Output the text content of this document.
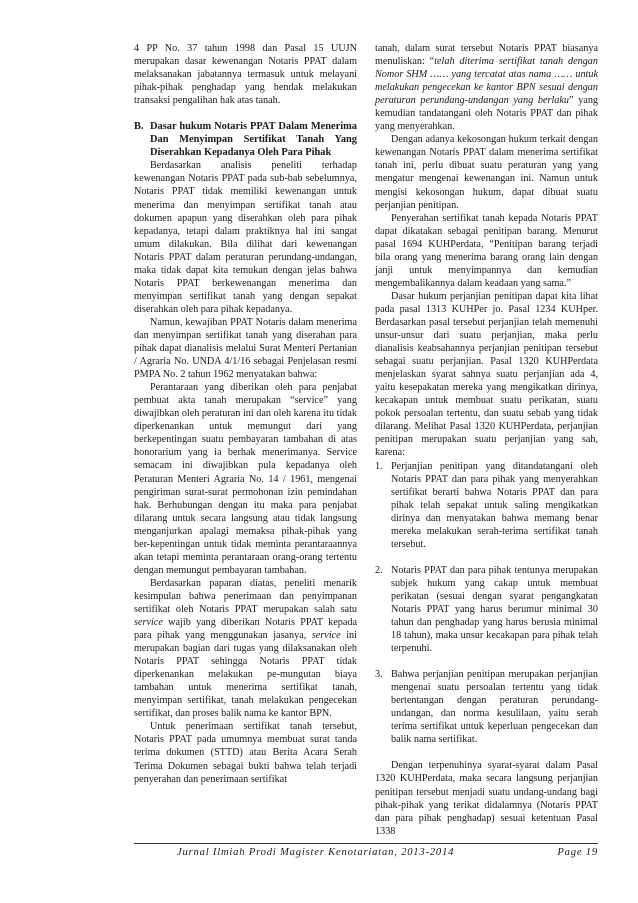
4 PP No. 37 tahun 1998 dan Pasal 15 UUJN merupakan dasar kewenangan Notaris PPAT dalam melaksanakan jabatannya termasuk untuk melayani pihak-pihak penghadap yang hendak melakukan transaksi pengalihan hak atas tanah.

B. Dasar hukum Notaris PPAT Dalam Menerima Dan Menyimpan Sertifikat Tanah Yang Diserahkan Kepadanya Oleh Para Pihak

Berdasarkan analisis peneliti terhadap kewenangan Notaris PPAT pada sub-bab sebelumnya, Notaris PPAT tidak memiliki kewenangan untuk menerima dan menyimpan sertifikat tanah atau dokumen apapun yang diserahkan oleh para pihak kepadanya, tetapi dalam praktiknya hal ini sangat umum dilakukan. Bila dilihat dari kewenangan Notaris PPAT dalam peraturan perundang-undangan, maka tidak dapat kita temukan dengan jelas bahwa Notaris PPAT berkewenangan menerima dan menyimpan sertifikat tanah yang dengan sepakat diserahkan oleh para pihak kepadanya.

Namun, kewajiban PPAT Notaris dalam menerima dan menyimpan sertifikat tanah yang diserahan para pihak dapat dianalisis melalui Surat Menteri Pertanian / Agraria No. UNDA 4/1/16 sebagai Penjelasan resmi PMPA No. 2 tahun 1962 menyatakan bahwa:

Perantaraan yang diberikan oleh para penjabat pembuat akta tanah merupakan “service” yang diwajibkan oleh peraturan ini dan oleh karena itu tidak diperkenankan untuk memungut dari yang berkepentingan suatu pembayaran tambahan di atas honorarium yang ia berhak menerimanya. Service semacam ini diwajibkan pula kepadanya oleh Peraturan Menteri Agraria No. 14 / 1961, mengenai pengiriman surat-surat permohonan izin pemindahan hak. Berhubungan dengan itu maka para penjabat dilarang untuk secara langsung atau tidak langsung menganjurkan apalagi memaksa pihak-pihak yang ber-kepentingan untuk tidak meminta perantaraannya akan tetapi meminta perantaraan orang-orang tertentu dengan memungut pembayaran tambahan.

Berdasarkan paparan diatas, peneliti menarik kesimpulan bahwa penerimaan dan penyimpanan sertifikat oleh Notaris PPAT merupakan salah satu service wajib yang diberikan Notaris PPAT kepada para pihak yang menggunakan jasanya, service ini merupakan bagian dari tugas yang dilaksanakan oleh Notaris PPAT sehingga Notaris PPAT tidak diperkenankan melakukan pe-mungutan biaya tambahan untuk menerima sertifikat tanah, menyimpan sertifikat, tanah melakukan pengecekan sertifikat, dan proses balik nama ke kantor BPN.

Untuk penerimaan sertifikat tanah tersebut, Notaris PPAT pada umumnya membuat surat tanda terima dokumen (STTD) atau Berita Acara Serah Terima Dokumen sebagai bukti bahwa telah terjadi penyerahan dan penerimaan sertifikat

tanah, dalam surat tersebut Notaris PPAT biasanya menuliskan: “telah diterima sertifikat tanah dengan Nomor SHM …… yang tercatat atas nama …… untuk melakukan pengecekan ke kantor BPN sesuai dengan peraturan perundang-undangan yang berlaku” yang kemudian tandatangani oleh Notaris PPAT dan pihak yang menyerahkan.

Dengan adanya kekosongan hukum terkait dengan kewenangan Notaris PPAT dalam menerima sertifikat tanah ini, perlu dibuat suatu peraturan yang yang mengatur mengenai kewenangan ini. Namun untuk mengisi kekosongan hukum, dapat dibuat suatu perjanjian penitipan.

Penyerahan sertifikat tanah kepada Notaris PPAT dapat dikatakan sebagai penitipan barang. Menurut pasal 1694 KUHPerdata, “Penitipan barang terjadi bila orang yang menerima barang orang lain dengan janji untuk menyimpannya dan kemudian mengembalikannya dalam keadaan yang sama.”

Dasar hukum perjanjian penitipan dapat kita lihat pada pasal 1313 KUHPer jo. Pasal 1234 KUHper. Berdasarkan pasal tersebut perjanjian telah memenuhi unsur-unsur dari suatu perjanjian, maka perlu dianalisis keabsahannya perjanjian penitipan tersebut sebagai suatu perjanjian. Pasal 1320 KUHPerdata menjelaskan syarat sahnya suatu perjanjian ada 4, yaitu kesepakatan mereka yang mengikatkan dirinya, kecakapan untuk membuat suatu perikatan, suatu pokok persoalan tertentu, dan suatu sebab yang tidak dilarang. Melihat Pasal 1320 KUHPerdata, perjanjian penitipan merupakan suatu perjanjian yang sah, karena:

1. Perjanjian penitipan yang ditandatangani oleh Notaris PPAT dan para pihak yang menyerahkan sertifikat berarti bahwa Notaris PPAT dan para pihak telah sepakat untuk saling mengikatkan dirinya dan menyatakan bahwa memang benar mereka melakukan serah-terima sertifikat tanah tersebut.
2. Notaris PPAT dan para pihak tentunya merupakan subjek hukum yang cakap untuk membuat perikatan (sesuai dengan syarat pengangkatan Notaris PPAT yang harus berumur minimal 30 tahun dan penghadap yang harus berusia minimal 18 tahun), maka unsur kecakapan para pihak telah terpenuhi.
3. Bahwa perjanjian penitipan merupakan perjanjian mengenai suatu persoalan tertentu yang tidak bertentangan dengan peraturan perundang-undangan, dan norma kesulilaan, yaitu serah terima sertifikat untuk keperluan pengecekan dan balik nama sertifikat.

Dengan terpenuhinya syarat-syarat dalam Pasal 1320 KUHPerdata, maka secara langsung perjanjian penitipan tersebut menjadi suatu undang-undang bagi pihak-pihak yang terikat didalamnya (Notaris PPAT dan para pihak penghadap) sesuai ketentuan Pasal 1338

Jurnal Ilmiah Prodi Magister Kenotariatan, 2013-2014	Page 19
